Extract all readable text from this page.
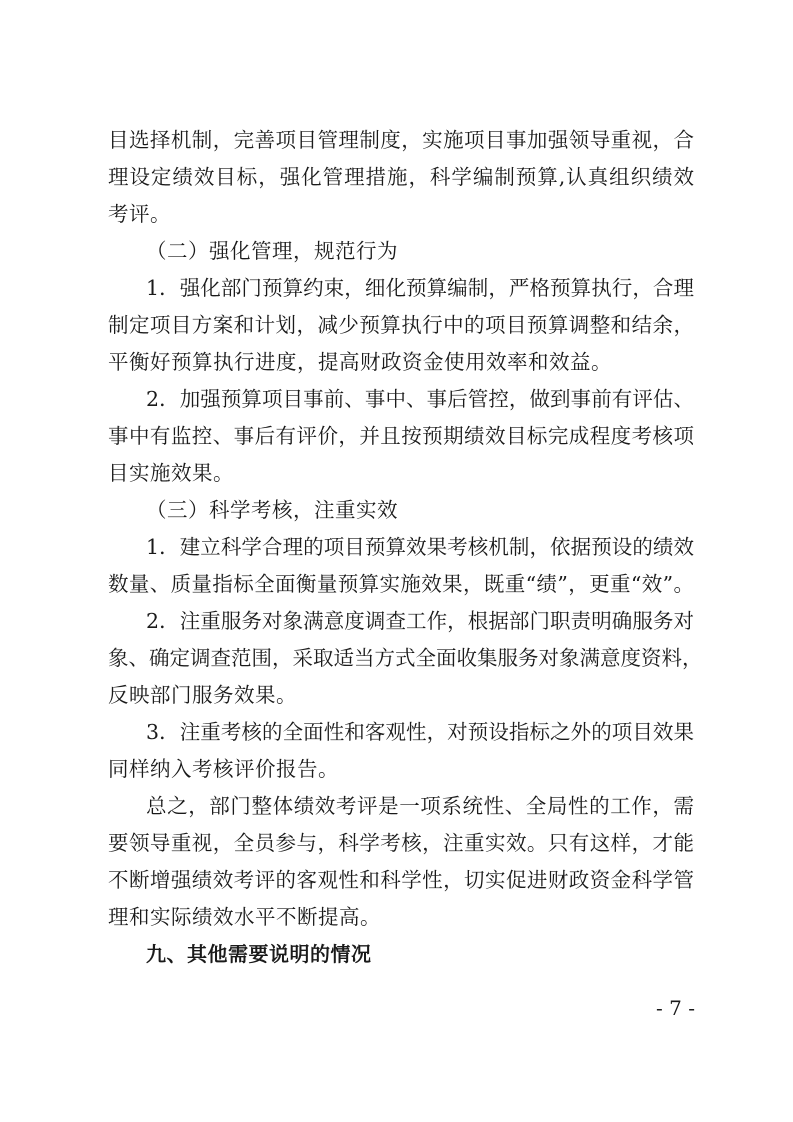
目选择机制，完善项目管理制度，实施项目事加强领导重视，合
理设定绩效目标，强化管理措施，科学编制预算,认真组织绩效
考评。
（二）强化管理，规范行为
1．强化部门预算约束，细化预算编制，严格预算执行，合理
制定项目方案和计划，减少预算执行中的项目预算调整和结余，
平衡好预算执行进度，提高财政资金使用效率和效益。
2．加强预算项目事前、事中、事后管控，做到事前有评估、
事中有监控、事后有评价，并且按预期绩效目标完成程度考核项
目实施效果。
（三）科学考核，注重实效
1．建立科学合理的项目预算效果考核机制，依据预设的绩效
数量、质量指标全面衡量预算实施效果，既重“绩”，更重“效”。
2．注重服务对象满意度调查工作，根据部门职责明确服务对
象、确定调查范围，采取适当方式全面收集服务对象满意度资料，
反映部门服务效果。
3．注重考核的全面性和客观性，对预设指标之外的项目效果
同样纳入考核评价报告。
总之，部门整体绩效考评是一项系统性、全局性的工作，需
要领导重视，全员参与，科学考核，注重实效。只有这样，才能
不断增强绩效考评的客观性和科学性，切实促进财政资金科学管
理和实际绩效水平不断提高。
九、其他需要说明的情况
- 7 -
